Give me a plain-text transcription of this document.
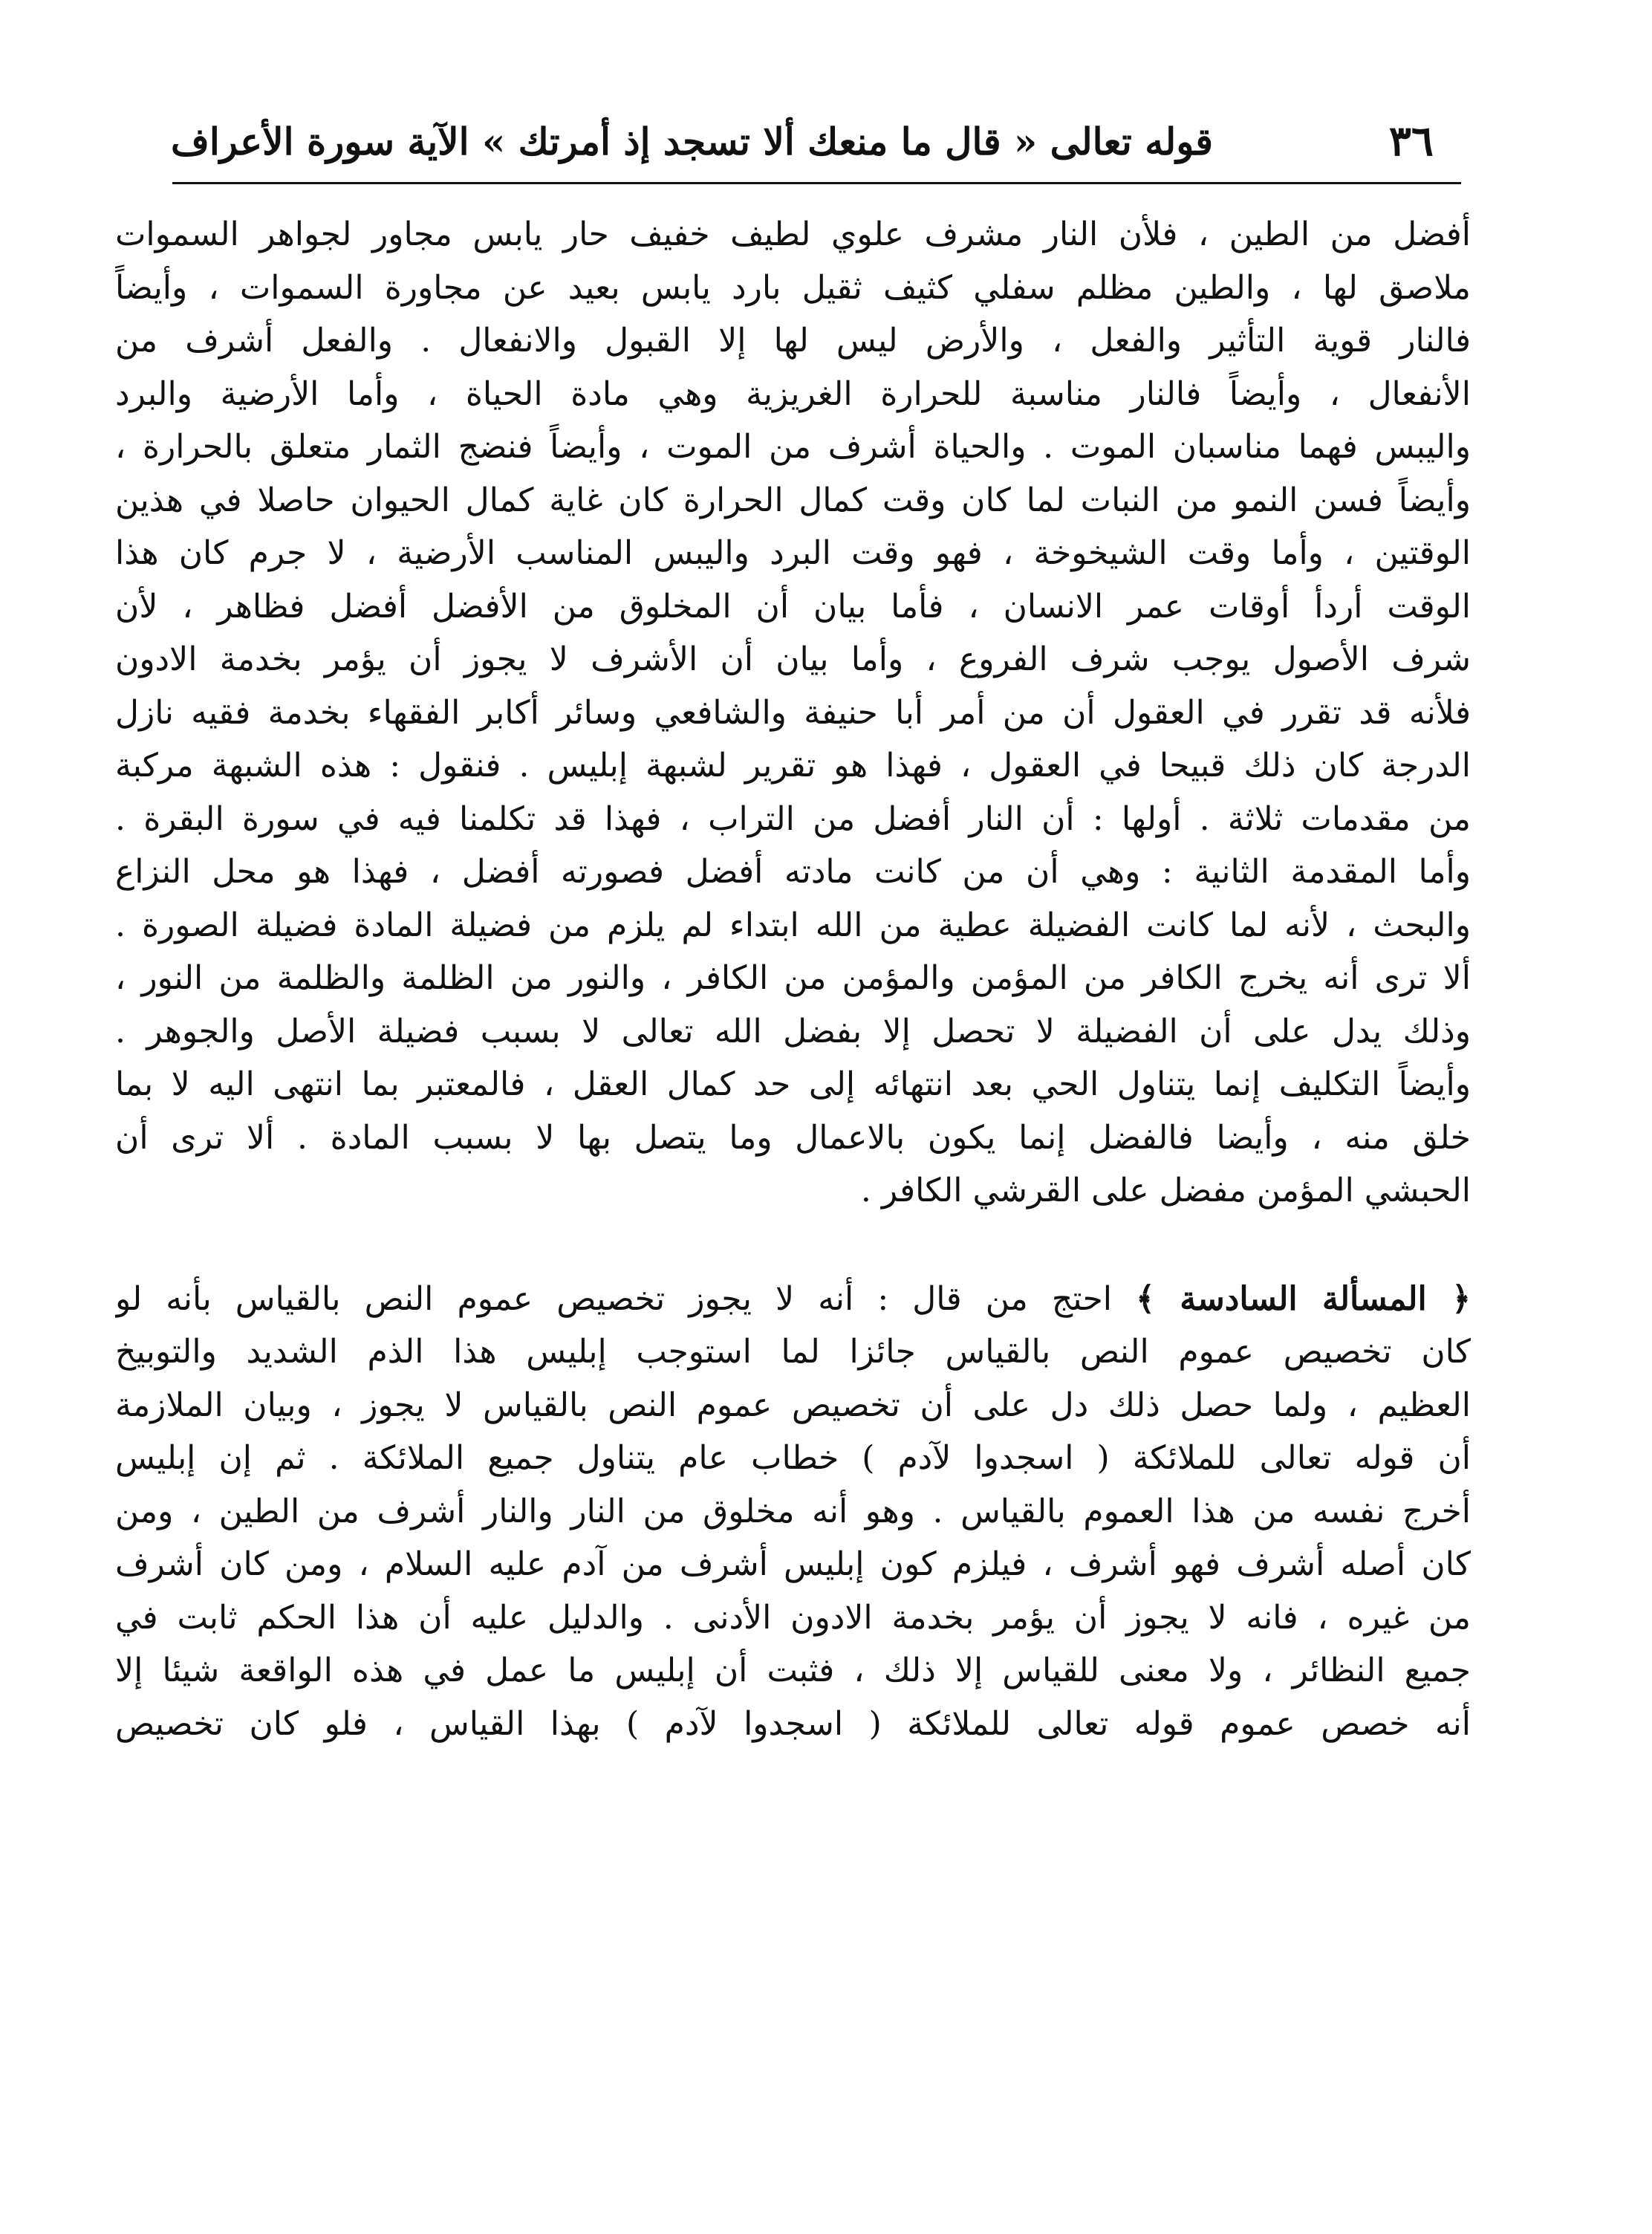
٣٦
قوله تعالى « قال ما منعك ألا تسجد إذ أمرتك » الآية سورة الأعراف
أفضل من الطين ، فلأن النار مشرف علوي لطيف خفيف حار يابس مجاور لجواهر السموات
ملاصق لها ، والطين مظلم سفلي كثيف ثقيل بارد يابس بعيد عن مجاورة السموات ، وأيضاً
فالنار قوية التأثير والفعل ، والأرض ليس لها إلا القبول والانفعال . والفعل أشرف من
الأنفعال ، وأيضاً فالنار مناسبة للحرارة الغريزية وهي مادة الحياة ، وأما الأرضية والبرد
واليبس فهما مناسبان الموت . والحياة أشرف من الموت ، وأيضاً فنضج الثمار متعلق بالحرارة ،
وأيضاً فسن النمو من النبات لما كان وقت كمال الحرارة كان غاية كمال الحيوان حاصلا في هذين
الوقتين ، وأما وقت الشيخوخة ، فهو وقت البرد واليبس المناسب الأرضية ، لا جرم كان هذا
الوقت أردأ أوقات عمر الانسان ، فأما بيان أن المخلوق من الأفضل أفضل فظاهر ، لأن
شرف الأصول يوجب شرف الفروع ، وأما بيان أن الأشرف لا يجوز أن يؤمر بخدمة الادون
فلأنه قد تقرر في العقول أن من أمر أبا حنيفة والشافعي وسائر أكابر الفقهاء بخدمة فقيه نازل
الدرجة كان ذلك قبيحا في العقول ، فهذا هو تقرير لشبهة إبليس . فنقول : هذه الشبهة مركبة
من مقدمات ثلاثة . أولها : أن النار أفضل من التراب ، فهذا قد تكلمنا فيه في سورة البقرة .
وأما المقدمة الثانية : وهي أن من كانت مادته أفضل فصورته أفضل ، فهذا هو محل النزاع
والبحث ، لأنه لما كانت الفضيلة عطية من الله ابتداء لم يلزم من فضيلة المادة فضيلة الصورة .
ألا ترى أنه يخرج الكافر من المؤمن والمؤمن من الكافر ، والنور من الظلمة والظلمة من النور ،
وذلك يدل على أن الفضيلة لا تحصل إلا بفضل الله تعالى لا بسبب فضيلة الأصل والجوهر .
وأيضاً التكليف إنما يتناول الحي بعد انتهائه إلى حد كمال العقل ، فالمعتبر بما انتهى اليه لا بما
خلق منه ، وأيضا فالفضل إنما يكون بالاعمال وما يتصل بها لا بسبب المادة . ألا ترى أن
الحبشي المؤمن مفضل على القرشي الكافر .
﴿ المسألة السادسة ﴾ احتج من قال : أنه لا يجوز تخصيص عموم النص بالقياس بأنه لو
كان تخصيص عموم النص بالقياس جائزا لما استوجب إبليس هذا الذم الشديد والتوبيخ
العظيم ، ولما حصل ذلك دل على أن تخصيص عموم النص بالقياس لا يجوز ، وبيان الملازمة
أن قوله تعالى للملائكة ( اسجدوا لآدم ) خطاب عام يتناول جميع الملائكة . ثم إن إبليس
أخرج نفسه من هذا العموم بالقياس . وهو أنه مخلوق من النار والنار أشرف من الطين ، ومن
كان أصله أشرف فهو أشرف ، فيلزم كون إبليس أشرف من آدم عليه السلام ، ومن كان أشرف
من غيره ، فانه لا يجوز أن يؤمر بخدمة الادون الأدنى . والدليل عليه أن هذا الحكم ثابت في
جميع النظائر ، ولا معنى للقياس إلا ذلك ، فثبت أن إبليس ما عمل في هذه الواقعة شيئا إلا
أنه خصص عموم قوله تعالى للملائكة ( اسجدوا لآدم ) بهذا القياس ، فلو كان تخصيص
